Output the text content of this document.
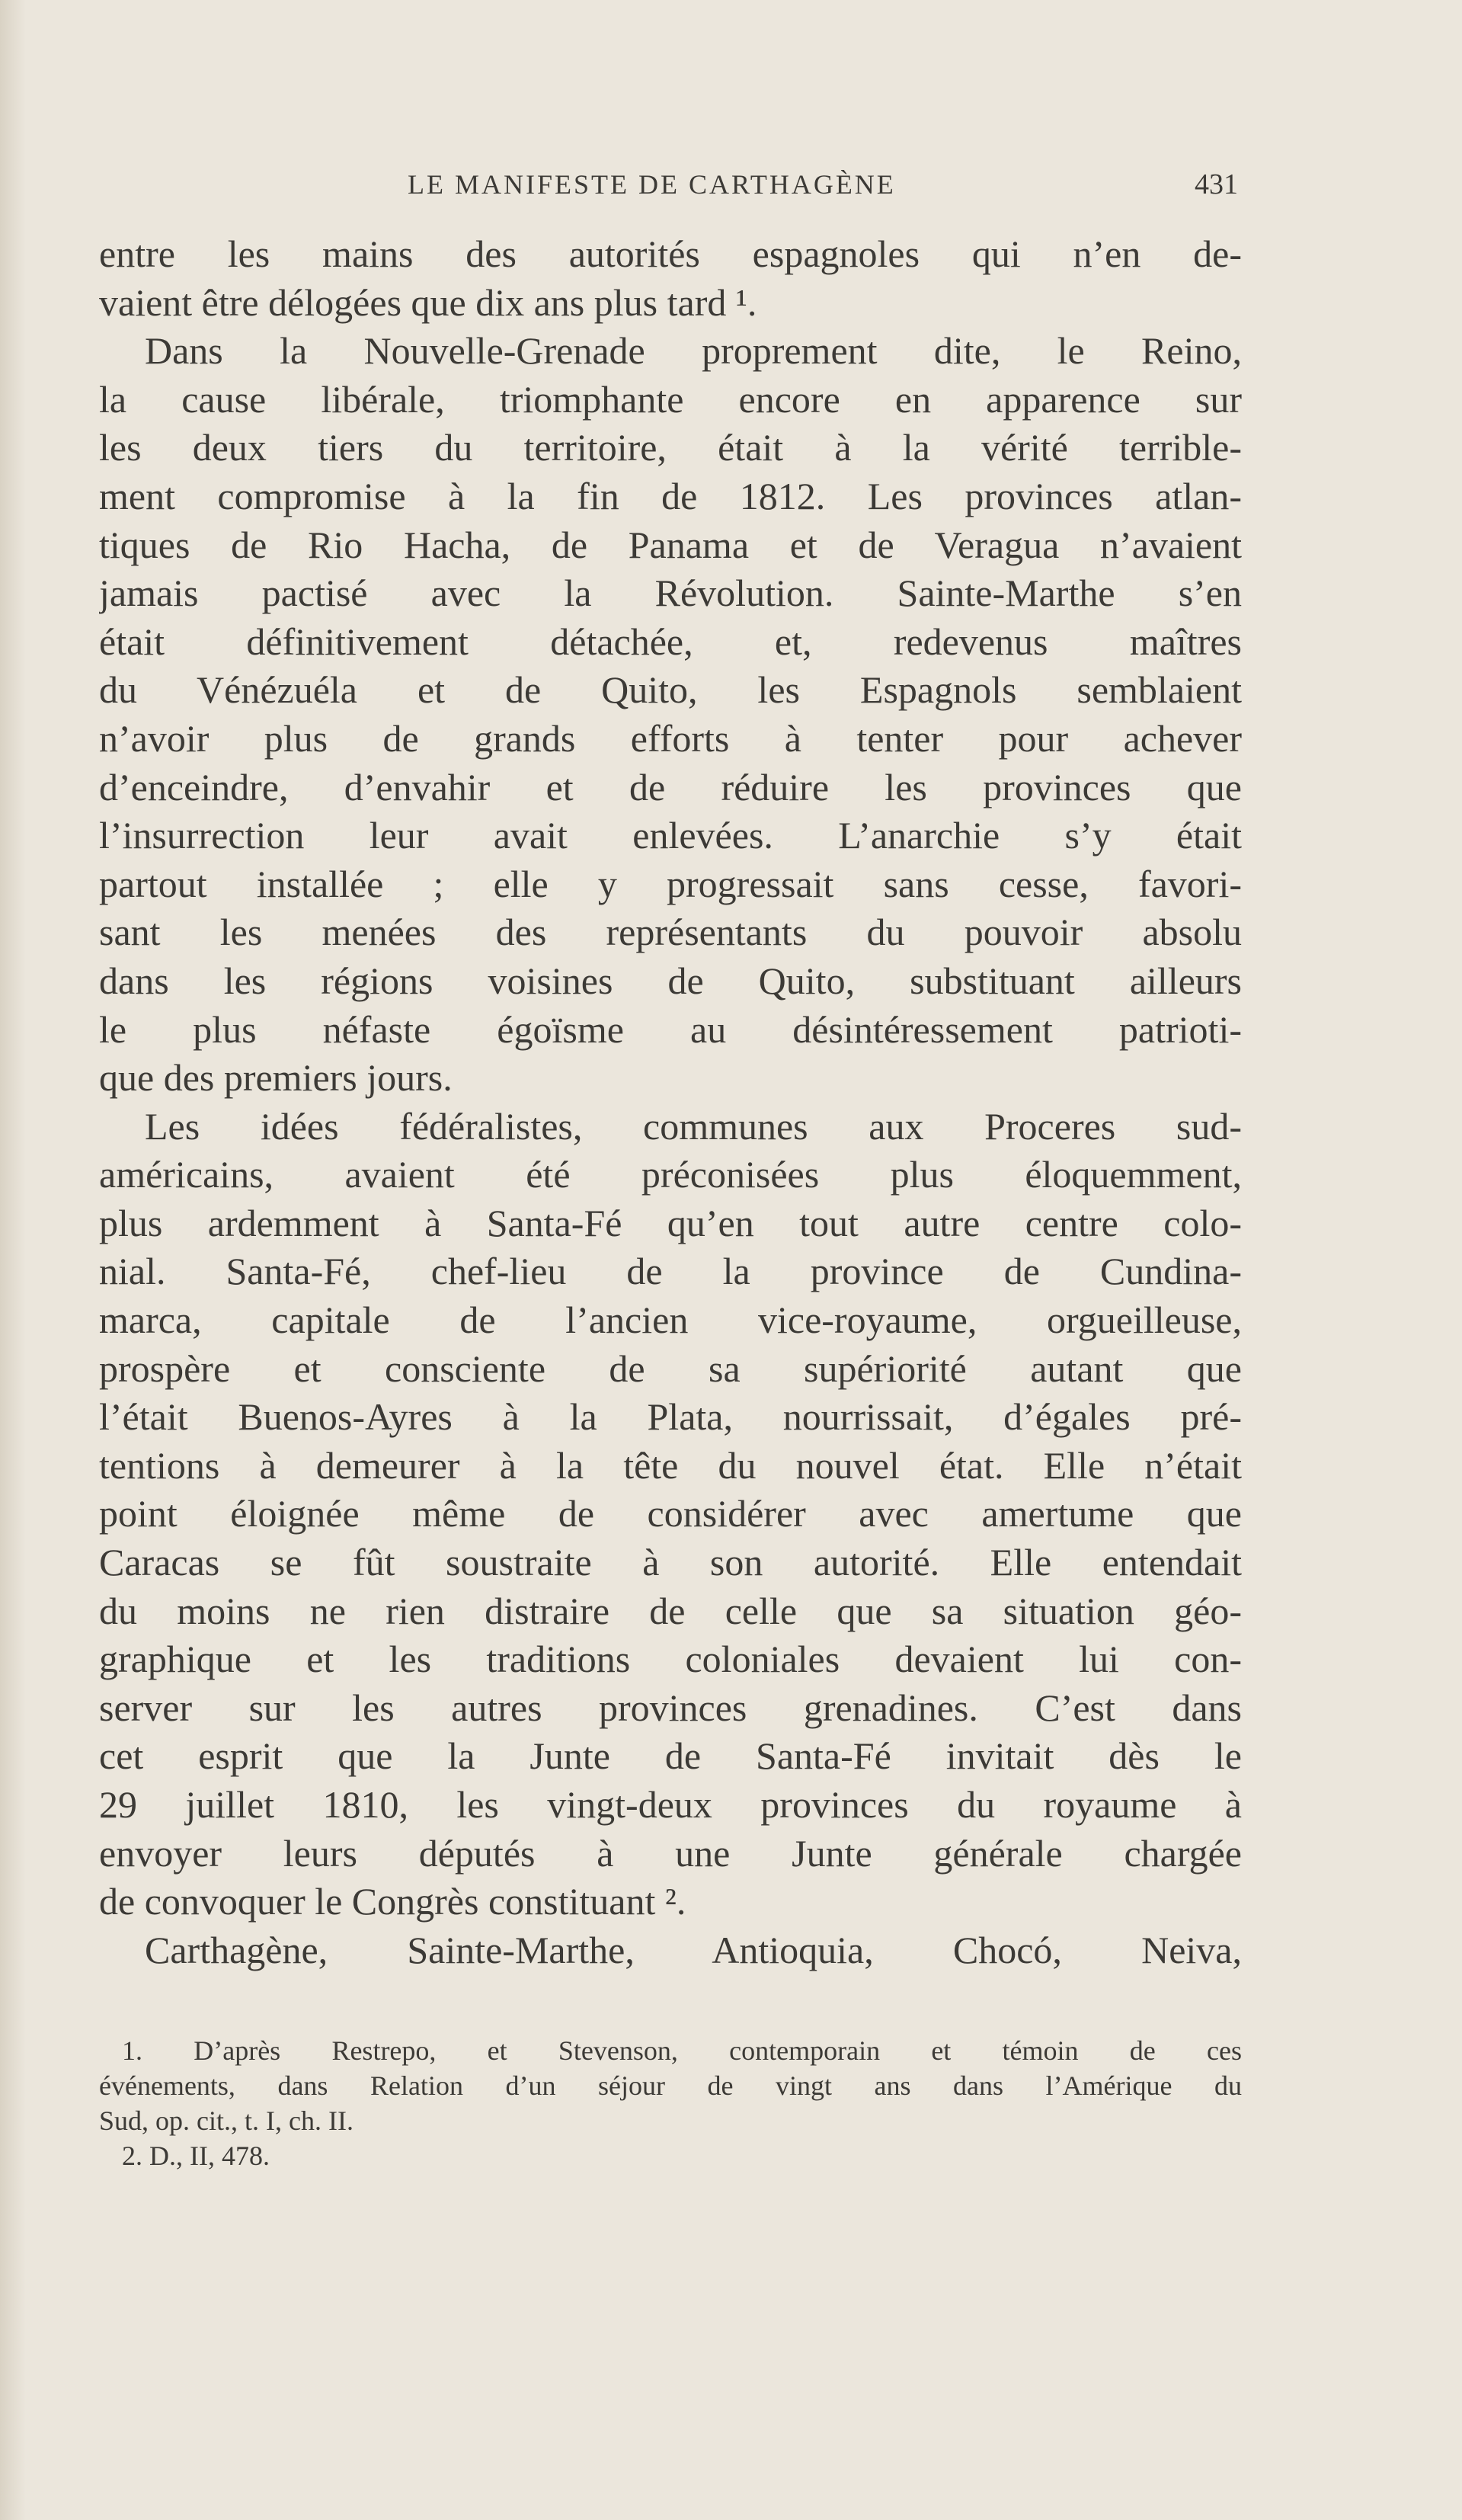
LE MANIFESTE DE CARTHAGÈNE	431
entre les mains des autorités espagnoles qui n’en de-
vaient être délogées que dix ans plus tard ¹.
Dans la Nouvelle-Grenade proprement dite, le Reino,
la cause libérale, triomphante encore en apparence sur
les deux tiers du territoire, était à la vérité terrible-
ment compromise à la fin de 1812. Les provinces atlan-
tiques de Rio Hacha, de Panama et de Veragua n’avaient
jamais pactisé avec la Révolution. Sainte-Marthe s’en
était définitivement détachée, et, redevenus maîtres
du Vénézuéla et de Quito, les Espagnols semblaient
n’avoir plus de grands efforts à tenter pour achever
d’enceindre, d’envahir et de réduire les provinces que
l’insurrection leur avait enlevées. L’anarchie s’y était
partout installée ; elle y progressait sans cesse, favori-
sant les menées des représentants du pouvoir absolu
dans les régions voisines de Quito, substituant ailleurs
le plus néfaste égoïsme au désintéressement patrioti-
que des premiers jours.
Les idées fédéralistes, communes aux Proceres sud-
américains, avaient été préconisées plus éloquemment,
plus ardemment à Santa-Fé qu’en tout autre centre colo-
nial. Santa-Fé, chef-lieu de la province de Cundina-
marca, capitale de l’ancien vice-royaume, orgueilleuse,
prospère et consciente de sa supériorité autant que
l’était Buenos-Ayres à la Plata, nourrissait, d’égales pré-
tentions à demeurer à la tête du nouvel état. Elle n’était
point éloignée même de considérer avec amertume que
Caracas se fût soustraite à son autorité. Elle entendait
du moins ne rien distraire de celle que sa situation géo-
graphique et les traditions coloniales devaient lui con-
server sur les autres provinces grenadines. C’est dans
cet esprit que la Junte de Santa-Fé invitait dès le
29 juillet 1810, les vingt-deux provinces du royaume à
envoyer leurs députés à une Junte générale chargée
de convoquer le Congrès constituant ².
Carthagène, Sainte-Marthe, Antioquia, Chocó, Neiva,
1. D’après Restrepo, et Stevenson, contemporain et témoin de ces
événements, dans Relation d’un séjour de vingt ans dans l’Amérique du
Sud, op. cit., t. I, ch. II.
2. D., II, 478.
